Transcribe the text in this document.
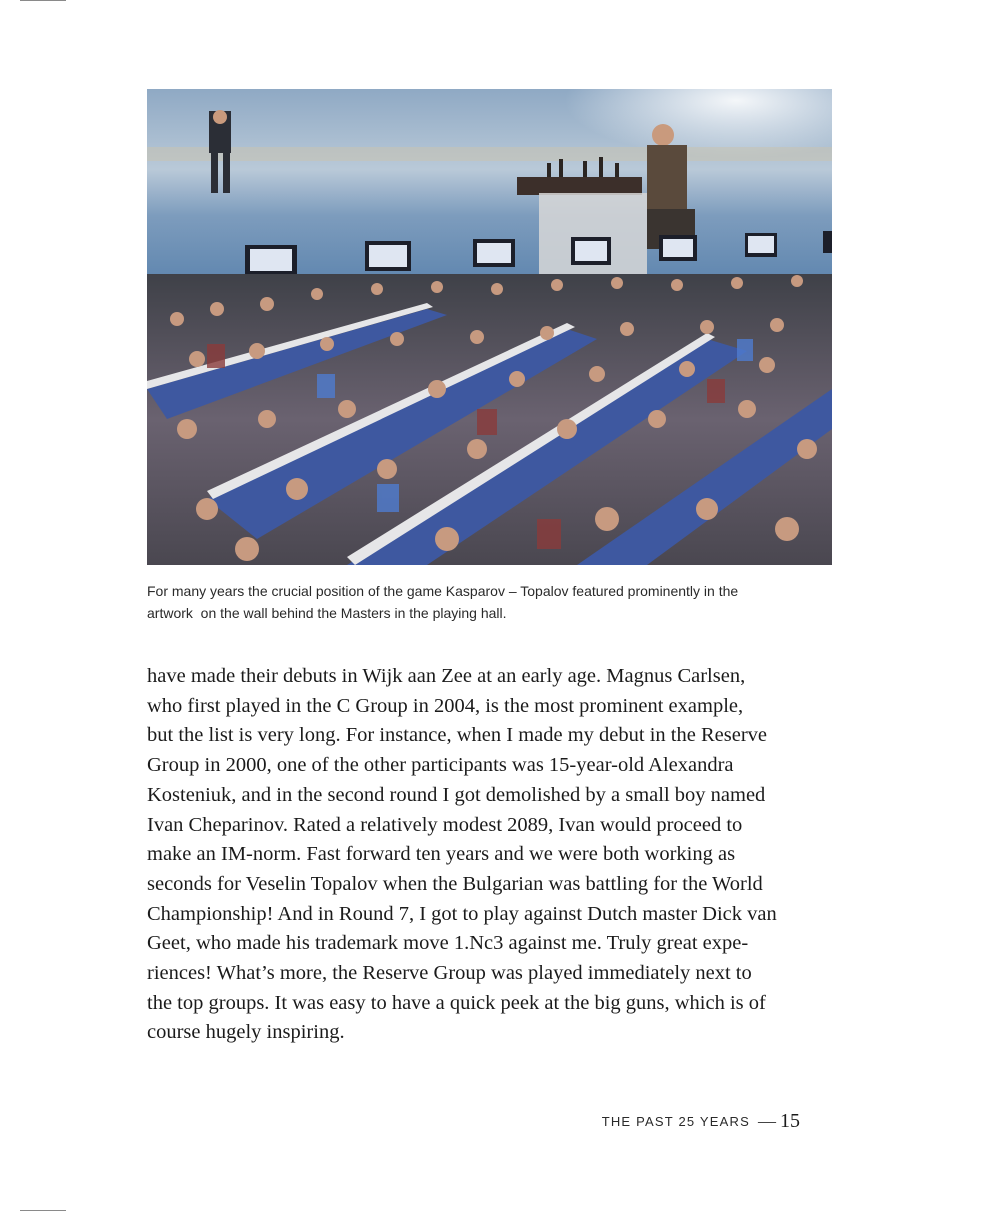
For many years the crucial position of the game Kasparov – Topalov featured prominently in the
artwork  on the wall behind the Masters in the playing hall.
have made their debuts in Wijk aan Zee at an early age. Magnus Carlsen,
who first played in the C Group in 2004, is the most prominent example,
but the list is very long. For instance, when I made my debut in the Reserve
Group in 2000, one of the other participants was 15-year-old Alexandra
Kosteniuk, and in the second round I got demolished by a small boy named
Ivan Cheparinov. Rated a relatively modest 2089, Ivan would proceed to
make an IM-norm. Fast forward ten years and we were both working as
seconds for Veselin Topalov when the Bulgarian was battling for the World
Championship! And in Round 7, I got to play against Dutch master Dick van
Geet, who made his trademark move 1.Nc3 against me. Truly great expe-
riences! What’s more, the Reserve Group was played immediately next to
the top groups. It was easy to have a quick peek at the big guns, which is of
course hugely inspiring.
THE PAST 25 YEARS — 15
